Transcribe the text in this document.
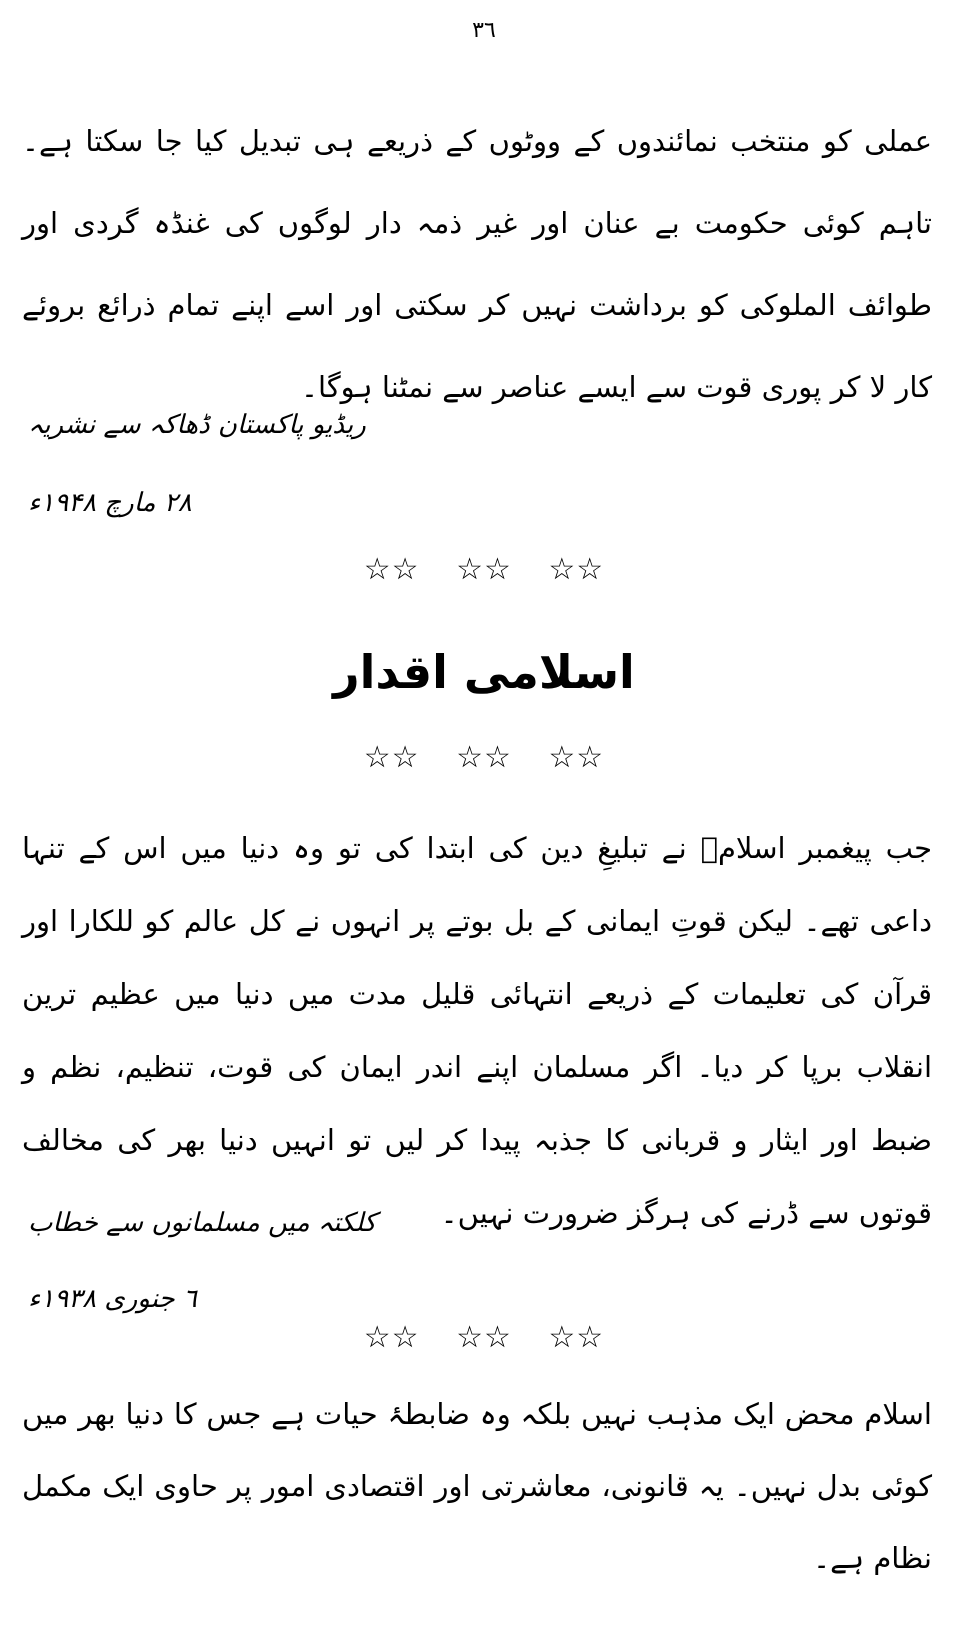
۳٦

عملی کو منتخب نمائندوں کے ووٹوں کے ذریعے ہی تبدیل کیا جا سکتا ہے۔ تاہم کوئی حکومت بے عنان اور غیر ذمہ دار لوگوں کی غنڈہ گردی اور طوائف الملوکی کو برداشت نہیں کر سکتی اور اسے اپنے تمام ذرائع بروئے کار لا کر پوری قوت سے ایسے عناصر سے نمٹنا ہوگا۔

ریڈیو پاکستان ڈھاکہ سے نشریہ
۲۸ مارچ ۱۹۴۸ء
☆☆ ☆☆ ☆☆
اسلامی اقدار
☆☆ ☆☆ ☆☆

جب پیغمبر اسلامؐ نے تبلیغِ دین کی ابتدا کی تو وہ دنیا میں اس کے تنہا داعی تھے۔ لیکن قوتِ ایمانی کے بل بوتے پر انہوں نے کل عالم کو للکارا اور قرآن کی تعلیمات کے ذریعے انتہائی قلیل مدت میں دنیا میں عظیم ترین انقلاب برپا کر دیا۔ اگر مسلمان اپنے اندر ایمان کی قوت، تنظیم، نظم و ضبط اور ایثار و قربانی کا جذبہ پیدا کر لیں تو انہیں دنیا بھر کی مخالف قوتوں سے ڈرنے کی ہرگز ضرورت نہیں۔

کلکتہ میں مسلمانوں سے خطاب
٦ جنوری ۱۹۳۸ء
☆☆ ☆☆ ☆☆

اسلام محض ایک مذہب نہیں بلکہ وہ ضابطۂ حیات ہے جس کا دنیا بھر میں کوئی بدل نہیں۔ یہ قانونی، معاشرتی اور اقتصادی امور پر حاوی ایک مکمل نظام ہے۔
